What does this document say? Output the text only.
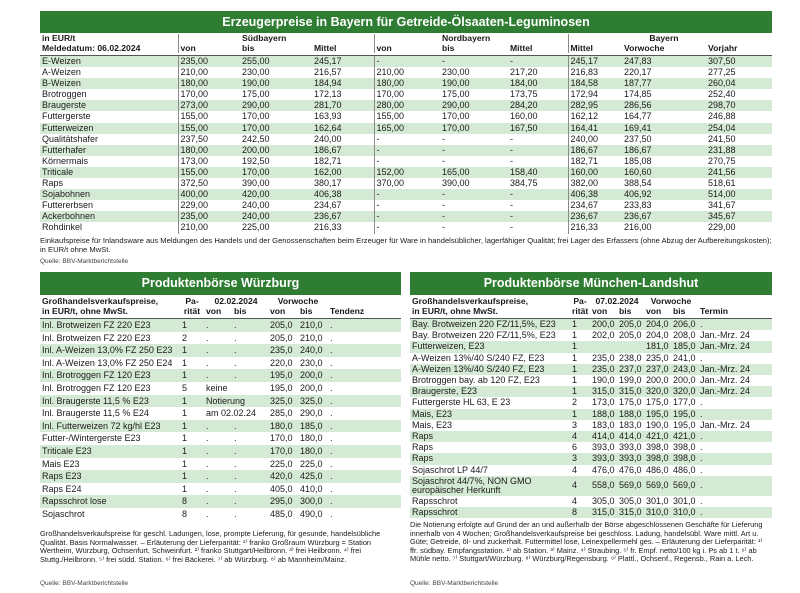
Erzeugerpreise in Bayern für Getreide-Ölsaaten-Leguminosen
in EUR/t		Südbayern			Nordbayern			Bayern	
Meldedatum: 06.02.2024	von	bis	Mittel	von	bis	Mittel	Mittel	Vorwoche	Vorjahr

E-Weizen	235,00	255,00	245,17	-	-	-	245,17	247,83	307,50
A-Weizen	210,00	230,00	216,57	210,00	230,00	217,20	216,83	220,17	277,25
B-Weizen	180,00	190,00	184,94	180,00	190,00	184,00	184,58	187,77	260,04
Brotroggen	170,00	175,00	172,13	170,00	175,00	173,75	172,94	174,85	252,40
Braugerste	273,00	290,00	281,70	280,00	290,00	284,20	282,95	286,56	298,70
Futtergerste	155,00	170,00	163,93	155,00	170,00	160,00	162,12	164,77	246,88
Futterweizen	155,00	170,00	162,64	165,00	170,00	167,50	164,41	169,41	254,04
Qualitätshafer	237,50	242,50	240,00	-	-	-	240,00	237,50	241,50
Futterhafer	180,00	200,00	186,67	-	-	-	186,67	186,67	231,88
Körnermais	173,00	192,50	182,71	-	-	-	182,71	185,08	270,75
Triticale	155,00	170,00	162,00	152,00	165,00	158,40	160,00	160,60	241,56
Raps	372,50	390,00	380,17	370,00	390,00	384,75	382,00	388,54	518,61
Sojabohnen	400,00	420,00	406,38	-	-	-	406,38	406,92	514,00
Futtererbsen	229,00	240,00	234,67	-	-	-	234,67	233,83	341,67
Ackerbohnen	235,00	240,00	236,67	-	-	-	236,67	236,67	345,67
Rohdinkel	210,00	225,00	216,33	-	-	-	216,33	216,00	229,00
Einkaufspreise für Inlandsware aus Meldungen des Handels und der Genossenschaften beim Erzeuger für Ware in handelsüblicher, lagerfähiger Qualität; frei Lager des Erfassers (ohne Abzug der Aufbereitungskosten); in EUR/t ohne MwSt.
Quelle: BBV-Marktberichtstelle
Produktenbörse Würzburg
Großhandelsverkaufspreise,	Pa-	02.02.2024		Vorwoche		
in EUR/t, ohne MwSt.	rität	von	bis	von	bis	Tendenz

Inl. Brotweizen FZ 220 E23	1	.	.	205,0	210,0	.
Inl. Brotweizen FZ 220 E23	2	.	.	205,0	210,0	.
Inl. A-Weizen 13,0% FZ 250 E23	1	.	.	235,0	240,0	.
Inl. A-Weizen 13,0% FZ 250 E24	1	.	.	220,0	230,0	.
Inl. Brotroggen FZ 120 E23	1	.	.	195,0	200,0	.
Inl. Brotroggen FZ 120 E23	5	keine		195,0	200,0	.
Inl. Braugerste 11,5 % E23	1	Notierung		325,0	325,0	.
Inl. Braugerste 11,5 % E24	1	am 02.02.24		285,0	290,0	.
Inl. Futterweizen 72 kg/hl E23	1	.	.	180,0	185,0	.
Futter-/Wintergerste E23	1	.	.	170,0	180,0	.
Triticale E23	1	.	.	170,0	180,0	.
Mais E23	1	.	.	225,0	225,0	.
Raps E23	1	.	.	420,0	425,0	.
Raps E24	1	.	.	405,0	410,0	.
Rapsschrot lose	8	.	.	295,0	300,0	.
Sojaschrot	8	.	.	485,0	490,0	.
Großhandelsverkaufspreise für geschl. Ladungen, lose, prompte Lieferung, für gesunde, handelsübliche Qualität. Basis Normalwasser. – Erläuterung der Lieferparität: ¹⁾ franko Großraum Würzburg = Station Wertheim, Würzburg, Ochsenfurt, Schweinfurt. ²⁾ franko Stuttgart/Heilbronn. ³⁾ frei Heilbronn. ⁴⁾ frei Stuttg./Heilbronn. ⁵⁾ frei südd. Station. ⁶⁾ frei Bäckerei. ⁷⁾ ab Würzburg. ⁸⁾ ab Mannheim/Mainz.
Quelle: BBV-Marktberichtstelle
Produktenbörse München-Landshut
Großhandelsverkaufspreise,	Pa-	07.02.2024		Vorwoche		
in EUR/t, ohne MwSt.	rität	von	bis	von	bis	Termin

Bay. Brotweizen 220 FZ/11,5%, E23	1	200,0	205,0	204,0	206,0	.
Bay. Brotweizen 220 FZ/11,5%, E23	1	202,0	205,0	204,0	208,0	Jan.-Mrz. 24
Futterweizen, E23	1			181,0	185,0	Jan.-Mrz. 24
A-Weizen 13%/40 S/240 FZ, E23	1	235,0	238,0	235,0	241,0	.
A-Weizen 13%/40 S/240 FZ, E23	1	235,0	237,0	237,0	243,0	Jan.-Mrz. 24
Brotroggen bay. ab 120 FZ, E23	1	190,0	199,0	200,0	200,0	Jan.-Mrz. 24
Braugerste, E23	1	315,0	315,0	320,0	320,0	Jan.-Mrz. 24
Futtergerste HL 63, E 23	2	173,0	175,0	175,0	177,0	.
Mais, E23	1	188,0	188,0	195,0	195,0	.
Mais, E23	3	183,0	183,0	190,0	195,0	Jan.-Mrz. 24
Raps	4	414,0	414,0	421,0	421,0	.
Raps	6	393,0	393,0	398,0	398,0	.
Raps	3	393,0	393,0	398,0	398,0	.
Sojaschrot LP 44/7	4	476,0	476,0	486,0	486,0	.
Sojaschrot 44/7%, NON GMO europäischer Herkunft	4	558,0	569,0	569,0	569,0	.
Rapsschrot	4	305,0	305,0	301,0	301,0	.
Rapsschrot	8	315,0	315,0	310,0	310,0	.
Die Notierung erfolgte auf Grund der an und außerhalb der Börse abgeschlossenen Geschäfte für Lieferung innerhalb von 4 Wochen; Großhandelsverkaufspreise bei geschloss. Ladung, handelsübl. Ware mittl. Art u. Güte; Getreide, öl- und zuckerhalt. Futtermittel lose, Leinexpellermehl ges. – Erläuterung der Lieferparität: ¹⁾ ffr. südbay. Empfangsstation. ²⁾ ab Station. ³⁾ Mainz. ⁴⁾ Straubing. ⁵⁾ fr. Empf. netto/100 kg i. Ps ab 1 t. ⁶⁾ ab Mühle netto. ⁷⁾ Stuttgart/Würzburg. ⁸⁾ Würzburg/Regensburg. ⁹⁾ Plattl., Ochsenf., Regensb., Rain a. Lech.
Quelle: BBV-Marktberichtstelle
